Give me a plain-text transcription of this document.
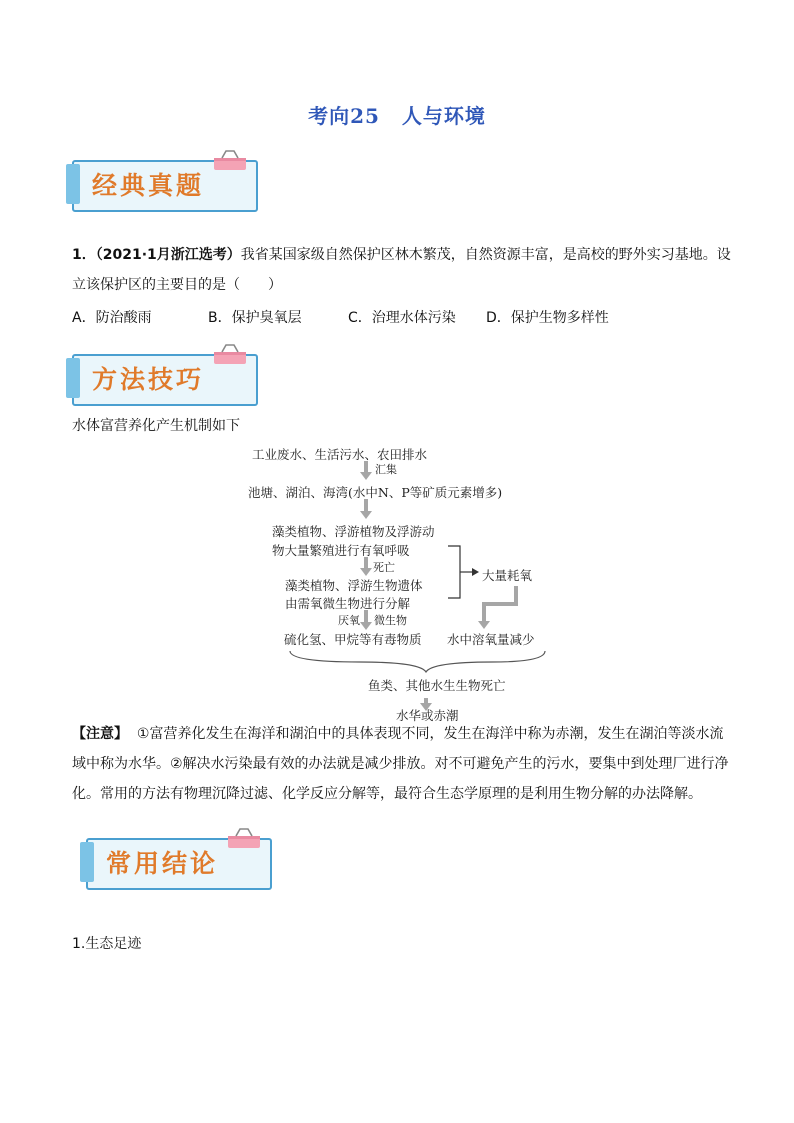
考向25 人与环境
经典真题
1．（2021·1月浙江选考）我省某国家级自然保护区林木繁茂，自然资源丰富，是高校的野外实习基地。设立该保护区的主要目的是（　　）
A．防治酸雨	B．保护臭氧层	C．治理水体污染 D．保护生物多样性
方法技巧
水体富营养化产生机制如下
工业废水、生活污水、农田排水
汇集
池塘、湖泊、海湾(水中N、P等矿质元素增多)
藻类植物、浮游植物及浮游动
物大量繁殖进行有氧呼吸
死亡
藻类植物、浮游生物遗体
由需氧微生物进行分解
大量耗氧
厌氧 微生物
硫化氢、甲烷等有毒物质 水中溶氧量减少
鱼类、其他水生生物死亡
水华或赤潮
【注意】 ①富营养化发生在海洋和湖泊中的具体表现不同，发生在海洋中称为赤潮，发生在湖泊等淡水流域中称为水华。②解决水污染最有效的办法就是减少排放。对不可避免产生的污水，要集中到处理厂进行净化。常用的方法有物理沉降过滤、化学反应分解等，最符合生态学原理的是利用生物分解的办法降解。
常用结论
1.生态足迹
